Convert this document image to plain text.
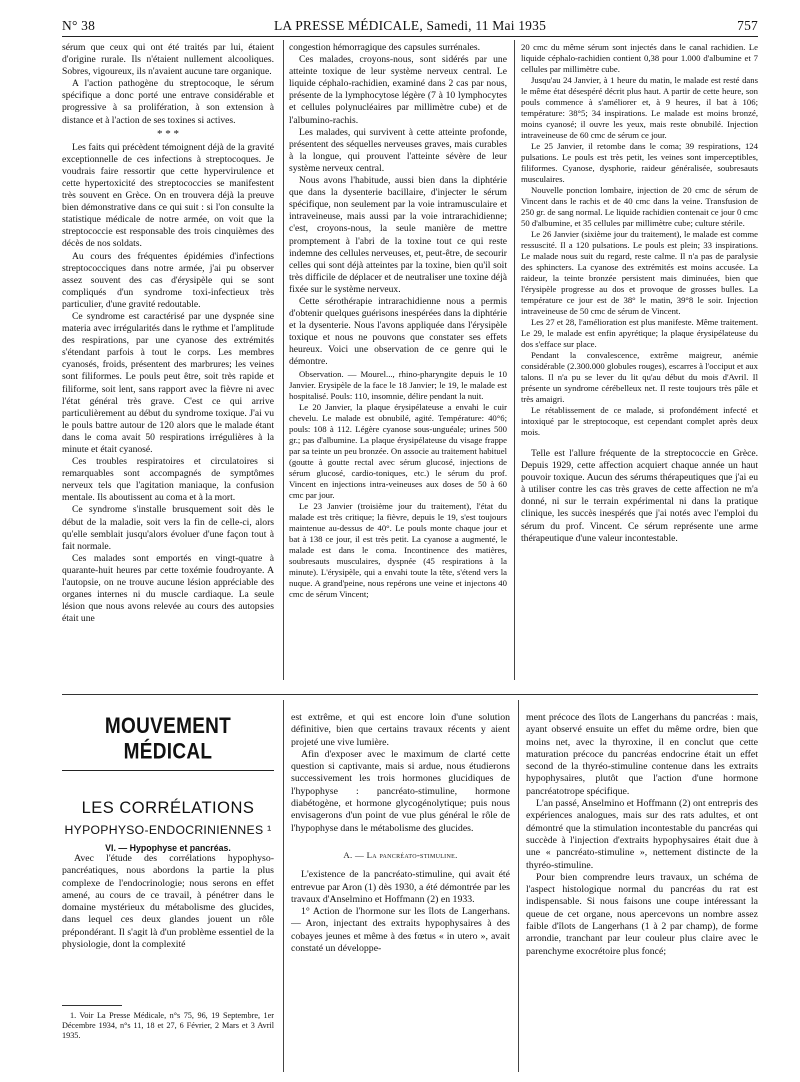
N° 38	LA PRESSE MÉDICALE, Samedi, 11 Mai 1935	757

sérum que ceux qui ont été traités par lui, étaient d'origine rurale. Ils n'étaient nullement alcooliques. Sobres, vigoureux, ils n'avaient aucune tare organique.

A l'action pathogène du streptocoque, le sérum spécifique a donc porté une entrave considérable et progressive à sa prolifération, à son extension à distance et à l'action de ses toxines si actives.

* * *

Les faits qui précèdent témoignent déjà de la gravité exceptionnelle de ces infections à streptocoques. Je voudrais faire ressortir que cette hypervirulence et cette hypertoxicité des streptococcies se manifestent très souvent en Grèce. On en trouvera déjà la preuve bien démonstrative dans ce qui suit : si l'on consulte la statistique médicale de notre armée, on voit que la streptococcie est responsable des trois cinquièmes des décès de nos soldats.

Au cours des fréquentes épidémies d'infections streptococciques dans notre armée, j'ai pu observer assez souvent des cas d'érysipèle qui se sont compliqués d'un syndrome toxi-infectieux très particulier, d'une gravité redoutable.

Ce syndrome est caractérisé par une dyspnée sine materia avec irrégularités dans le rythme et l'amplitude des respirations, par une cyanose des extrémités s'étendant parfois à tout le corps. Les membres cyanosés, froids, présentent des marbrures; les veines sont filiformes. Le pouls peut être, soit très rapide et filiforme, soit lent, sans rapport avec la fièvre ni avec l'état général très grave. C'est ce qui arrive particulièrement au début du syndrome toxique. J'ai vu le pouls battre autour de 120 alors que le malade étant dans le coma avait 50 respirations irrégulières à la minute et était cyanosé.

Ces troubles respiratoires et circulatoires si remarquables sont accompagnés de symptômes nerveux tels que l'agitation maniaque, la confusion mentale. Ils aboutissent au coma et à la mort.

Ce syndrome s'installe brusquement soit dès le début de la maladie, soit vers la fin de celle-ci, alors qu'elle semblait jusqu'alors évoluer d'une façon tout à fait normale.

Ces malades sont emportés en vingt-quatre à quarante-huit heures par cette toxémie foudroyante. A l'autopsie, on ne trouve aucune lésion appréciable des organes internes ni du muscle cardiaque. La seule lésion que nous avons relevée au cours des autopsies était une

congestion hémorragique des capsules surrénales.

Ces malades, croyons-nous, sont sidérés par une atteinte toxique de leur système nerveux central. Le liquide céphalo-rachidien, examiné dans 2 cas par nous, présente de la lymphocytose légère (7 à 10 lymphocytes et cellules polynucléaires par millimètre cube) et de l'albumino-rachis.

Les malades, qui survivent à cette atteinte profonde, présentent des séquelles nerveuses graves, mais curables à la longue, qui prouvent l'atteinte sévère de leur système nerveux central.

Nous avons l'habitude, aussi bien dans la diphtérie que dans la dysenterie bacillaire, d'injecter le sérum spécifique, non seulement par la voie intramusculaire et intraveineuse, mais aussi par la voie intrarachidienne; c'est, croyons-nous, la seule manière de mettre promptement à l'abri de la toxine tout ce qui reste indemne des cellules nerveuses, et, peut-être, de secourir celles qui sont déjà atteintes par la toxine, bien qu'il soit très difficile de déplacer et de neutraliser une toxine déjà fixée sur le système nerveux.

Cette sérothérapie intrarachidienne nous a permis d'obtenir quelques guérisons inespérées dans la diphtérie et la dysenterie. Nous l'avons appliquée dans l'érysipèle toxique et nous ne pouvons que constater ses effets heureux. Voici une observation de ce genre qui le démontre.

Observation. — Mourel..., rhino-pharyngite depuis le 10 Janvier. Erysipèle de la face le 18 Janvier; le 19, le malade est hospitalisé. Pouls: 110, insomnie, délire pendant la nuit.

Le 20 Janvier, la plaque érysipélateuse a envahi le cuir chevelu. Le malade est obnubilé, agité. Température: 40°6; pouls: 108 à 112. Légère cyanose sous-unguéale; urines 500 gr.; pas d'albumine. La plaque érysipélateuse du visage frappe par sa teinte un peu bronzée. On associe au traitement habituel (goutte à goutte rectal avec sérum glucosé, injections de sérum glucosé, cardio-toniques, etc.) le sérum du prof. Vincent en injections intra-veineuses aux doses de 50 à 60 cmc par jour.

Le 23 Janvier (troisième jour du traitement), l'état du malade est très critique; la fièvre, depuis le 19, s'est toujours maintenue au-dessus de 40°. Le pouls monte chaque jour et bat à 138 ce jour, il est très petit. La cyanose a augmenté, le malade est dans le coma. Incontinence des matières, soubresauts musculaires, dyspnée (45 respirations à la minute). L'érysipèle, qui a envahi toute la tête, s'étend vers la nuque. A grand'peine, nous repérons une veine et injectons 40 cmc de sérum Vincent;

20 cmc du même sérum sont injectés dans le canal rachidien. Le liquide céphalo-rachidien contient 0,38 pour 1.000 d'albumine et 7 cellules par millimètre cube.

Jusqu'au 24 Janvier, à 1 heure du matin, le malade est resté dans le même état désespéré décrit plus haut. A partir de cette heure, son pouls commence à s'améliorer et, à 9 heures, il bat à 106; température: 38°5; 34 inspirations. Le malade est moins bronzé, moins cyanosé; il ouvre les yeux, mais reste obnubilé. Injection intraveineuse de 60 cmc de sérum ce jour.

Le 25 Janvier, il retombe dans le coma; 39 respirations, 124 pulsations. Le pouls est très petit, les veines sont imperceptibles, filiformes. Cyanose, dysphorie, raideur généralisée, soubresauts musculaires.

Nouvelle ponction lombaire, injection de 20 cmc de sérum de Vincent dans le rachis et de 40 cmc dans la veine. Transfusion de 250 gr. de sang normal. Le liquide rachidien contenait ce jour 0 cmc 50 d'albumine, et 35 cellules par millimètre cube; culture stérile.

Le 26 Janvier (sixième jour du traitement), le malade est comme ressuscité. Il a 120 pulsations. Le pouls est plein; 33 inspirations. Le malade nous suit du regard, reste calme. Il n'a pas de paralysie des sphincters. La cyanose des extrémités est moins accusée. La raideur, la teinte bronzée persistent mais diminuées, bien que l'érysipèle progresse au dos et provoque de grosses bulles. La température ce jour est de 38° le matin, 39°8 le soir. Injection intraveineuse de 50 cmc de sérum de Vincent.

Les 27 et 28, l'amélioration est plus manifeste. Même traitement. Le 29, le malade est enfin apyrétique; la plaque érysipélateuse du dos s'efface sur place.

Pendant la convalescence, extrême maigreur, anémie considérable (2.300.000 globules rouges), escarres à l'occiput et aux talons. Il n'a pu se lever du lit qu'au début du mois d'Avril. Il présente un syndrome cérébelleux net. Il reste toujours très pâle et très amaigri.

Le rétablissement de ce malade, si profondément infecté et intoxiqué par le streptocoque, est cependant complet après deux mois.

Telle est l'allure fréquente de la streptococcie en Grèce. Depuis 1929, cette affection acquiert chaque année un haut pouvoir toxique. Aucun des sérums thérapeutiques que j'ai eu à utiliser contre les cas très graves de cette affection ne m'a donné, ni sur le terrain expérimental ni dans la pratique clinique, les succès inespérés que j'ai notés avec l'emploi du sérum du prof. Vincent. Ce sérum représente une arme thérapeutique d'une valeur incontestable.

MOUVEMENT MÉDICAL
LES CORRÉLATIONS
HYPOPHYSO-ENDOCRINIENNES ¹
VI. — Hypophyse et pancréas.

Avec l'étude des corrélations hypophyso-pancréatiques, nous abordons la partie la plus complexe de l'endocrinologie; nous serons en effet amené, au cours de ce travail, à pénétrer dans le domaine mystérieux du métabolisme des glucides, dans lequel ces deux glandes jouent un rôle prépondérant. Il s'agit là d'un problème essentiel de la physiologie, dont la complexité

1. Voir La Presse Médicale, n°s 75, 96, 19 Septembre, 1er Décembre 1934, n°s 11, 18 et 27, 6 Février, 2 Mars et 3 Avril 1935.

est extrême, et qui est encore loin d'une solution définitive, bien que certains travaux récents y aient projeté une vive lumière.

Afin d'exposer avec le maximum de clarté cette question si captivante, mais si ardue, nous étudierons successivement les trois hormones glucidiques de l'hypophyse : pancréato-stimuline, hormone diabétogène, et hormone glycogénolytique; puis nous envisagerons d'un point de vue plus général le rôle de l'hypophyse dans le métabolisme des glucides.

A. — La pancréato-stimuline.

L'existence de la pancréato-stimuline, qui avait été entrevue par Aron (1) dès 1930, a été démontrée par les travaux d'Anselmino et Hoffmann (2) en 1933.

1° Action de l'hormone sur les îlots de Langerhans. — Aron, injectant des extraits hypophysaires à des cobayes jeunes et même à des fœtus « in utero », avait constaté un développe-

ment précoce des îlots de Langerhans du pancréas : mais, ayant observé ensuite un effet du même ordre, bien que moins net, avec la thyroxine, il en conclut que cette maturation précoce du pancréas endocrine était un effet second de la thyréo-stimuline contenue dans les extraits hypophysaires, plutôt que l'action d'une hormone pancréatotrope spécifique.

L'an passé, Anselmino et Hoffmann (2) ont entrepris des expériences analogues, mais sur des rats adultes, et ont démontré que la stimulation incontestable du pancréas qui succède à l'injection d'extraits hypophysaires était due à une « pancréato-stimuline », nettement distincte de la thyréo-stimuline.

Pour bien comprendre leurs travaux, un schéma de l'aspect histologique normal du pancréas du rat est indispensable. Si nous faisons une coupe intéressant la queue de cet organe, nous apercevons un nombre assez faible d'îlots de Langerhans (1 à 2 par champ), de forme arrondie, tranchant par leur couleur plus claire avec le parenchyme exocrétoire plus foncé;
